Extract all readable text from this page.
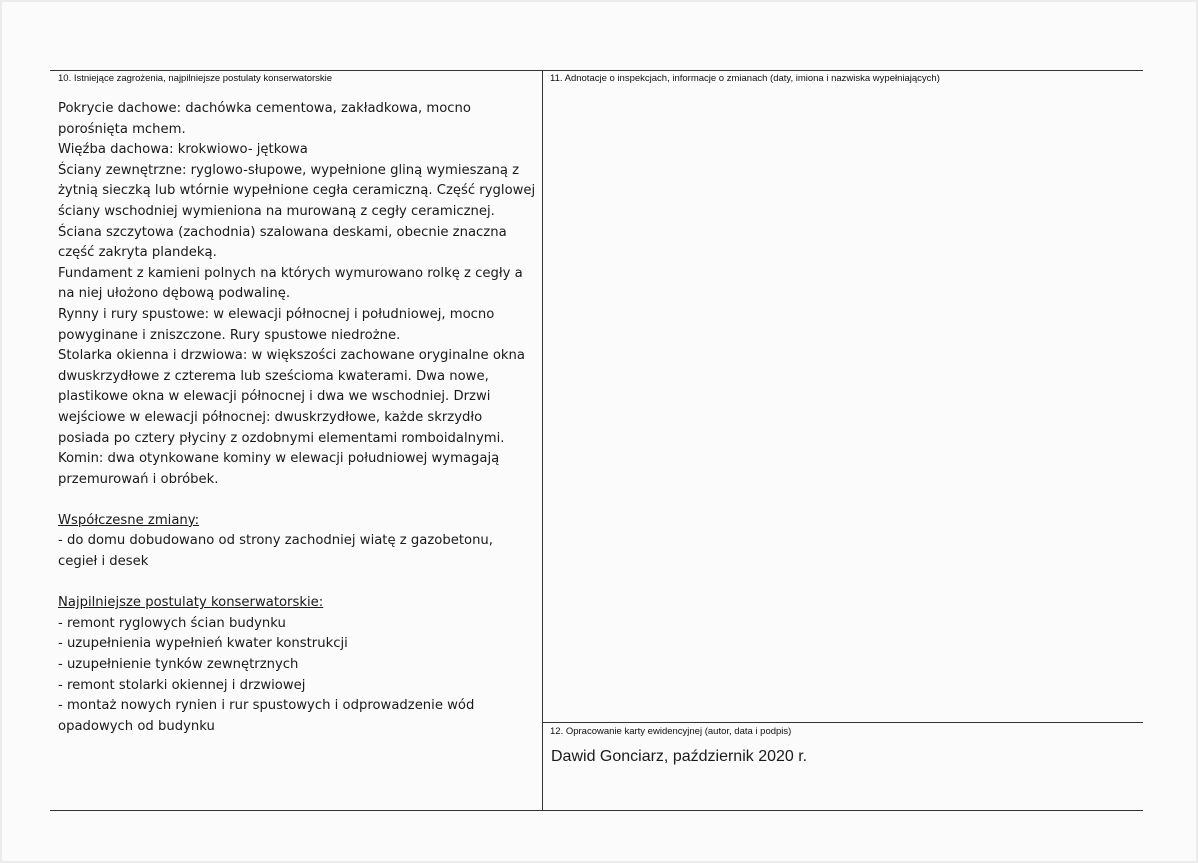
10. Istniejące zagrożenia, najpilniejsze postulaty konserwatorskie	11. Adnotacje o inspekcjach, informacje o zmianach (daty, imiona i nazwiska wypełniających)
12. Opracowanie karty ewidencyjnej (autor, data i podpis)

Pokrycie dachowe: dachówka cementowa, zakładkowa, mocno porośnięta mchem.

Więźba dachowa: krokwiowo- jętkowa

Ściany zewnętrzne: ryglowo-słupowe, wypełnione gliną wymieszaną z żytnią sieczką lub wtórnie wypełnione cegła ceramiczną. Część ryglowej ściany wschodniej wymieniona na murowaną z cegły ceramicznej. Ściana szczytowa (zachodnia) szalowana deskami, obecnie znaczna część zakryta plandeką.

Fundament z kamieni polnych na których wymurowano rolkę z cegły a na niej ułożono dębową podwalinę.

Rynny i rury spustowe: w elewacji północnej i południowej, mocno powyginane i zniszczone. Rury spustowe niedrożne.

Stolarka okienna i drzwiowa: w większości zachowane oryginalne okna dwuskrzydłowe z czterema lub sześcioma kwaterami. Dwa nowe, plastikowe okna w elewacji północnej i dwa we wschodniej. Drzwi wejściowe w elewacji północnej: dwuskrzydłowe, każde skrzydło posiada po cztery płyciny z ozdobnymi elementami romboidalnymi.

Komin: dwa otynkowane kominy w elewacji południowej wymagają przemurowań i obróbek.

Współczesne zmiany:

- do domu dobudowano od strony zachodniej wiatę z gazobetonu, cegieł i desek

Najpilniejsze postulaty konserwatorskie:

- remont ryglowych ścian budynku

- uzupełnienia wypełnień kwater konstrukcji

- uzupełnienie tynków zewnętrznych

- remont stolarki okiennej i drzwiowej

- montaż nowych rynien i rur spustowych i odprowadzenie wód opadowych od budynku

Dawid Gonciarz, październik 2020 r.
